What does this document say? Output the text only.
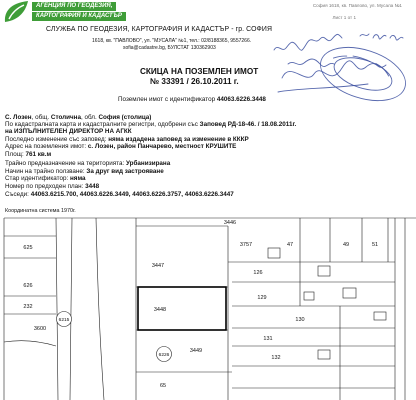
АГЕНЦИЯ ПО ГЕОДЕЗИЯ,
КАРТОГРАФИЯ И КАДАСТЪР
София 1618, кв. Павлово, ул. Мусала №1
Лист 1 от 1
СЛУЖБА ПО ГЕОДЕЗИЯ, КАРТОГРАФИЯ И КАДАСТЪР - гр. СОФИЯ
1618, кв. "ПАВЛОВО", ул. "МУСАЛА" №1, тел.: 02/8188365, 9557266.
sofia@cadastre.bg, БУЛСТАТ 130362903
СКИЦА НА ПОЗЕМЛЕН ИМОТ
№ 33391 / 26.10.2011 г.
Поземлен имот с идентификатор 44063.6226.3448
С. Лозен, общ. Столична, обл. София (столица)
По кадастралната карта и кадастралните регистри, одобрени със Заповед РД-18-46. / 18.08.2011г.
на ИЗПЪЛНИТЕЛЕН ДИРЕКТОР НА АГКК
Последно изменение със заповед: няма издадена заповед за изменение в КККР
Адрес на поземления имот: с. Лозен, район Панчарево, местност КРУШИТЕ
Площ: 761 кв.м
Трайно предназначение на територията: Урбанизирана
Начин на трайно ползване: За друг вид застрояване
Стар идентификатор: няма
Номер по предходен план: 3448
Съседи: 44063.6215.700, 44063.6226.3449, 44063.6226.3757, 44063.6226.3447
Координатна система 1970г.
625
626
232
3600
3446
3447
3448
3449
65
3757	47	49	51
126
129
130
131
132
6215
6226
